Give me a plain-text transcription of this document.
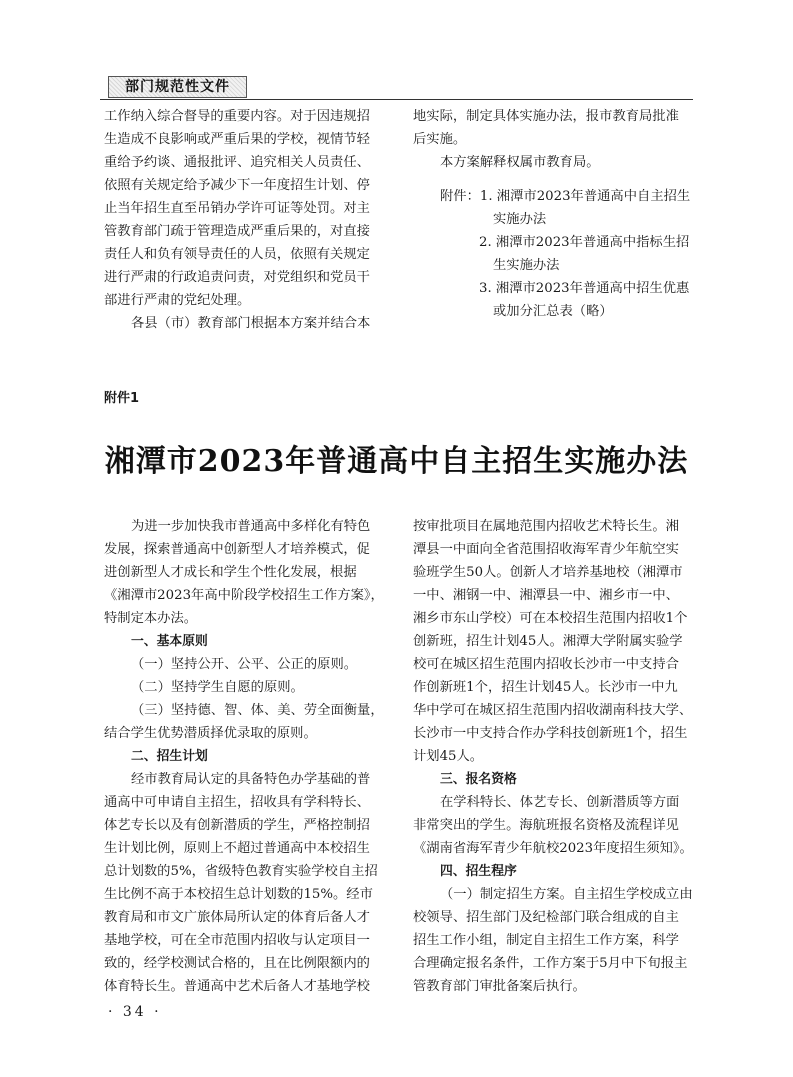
部门规范性文件

工作纳入综合督导的重要内容。对于因违规招

生造成不良影响或严重后果的学校，视情节轻

重给予约谈、通报批评、追究相关人员责任、

依照有关规定给予减少下一年度招生计划、停

止当年招生直至吊销办学许可证等处罚。对主

管教育部门疏于管理造成严重后果的，对直接

责任人和负有领导责任的人员，依照有关规定

进行严肃的行政追责问责，对党组织和党员干

部进行严肃的党纪处理。

各县（市）教育部门根据本方案并结合本

地实际，制定具体实施办法，报市教育局批准

后实施。

本方案解释权属市教育局。

附件：1. 湘潭市2023年普通高中自主招生

实施办法

2. 湘潭市2023年普通高中指标生招

生实施办法

3. 湘潭市2023年普通高中招生优惠

或加分汇总表（略）

附件1
湘潭市2023年普通高中自主招生实施办法

为进一步加快我市普通高中多样化有特色

发展，探索普通高中创新型人才培养模式，促

进创新型人才成长和学生个性化发展，根据

《湘潭市2023年高中阶段学校招生工作方案》，

特制定本办法。

一、基本原则

（一）坚持公开、公平、公正的原则。

（二）坚持学生自愿的原则。

（三）坚持德、智、体、美、劳全面衡量，

结合学生优势潜质择优录取的原则。

二、招生计划

经市教育局认定的具备特色办学基础的普

通高中可申请自主招生，招收具有学科特长、

体艺专长以及有创新潜质的学生，严格控制招

生计划比例，原则上不超过普通高中本校招生

总计划数的5%，省级特色教育实验学校自主招

生比例不高于本校招生总计划数的15%。经市

教育局和市文广旅体局所认定的体育后备人才

基地学校，可在全市范围内招收与认定项目一

致的，经学校测试合格的，且在比例限额内的

体育特长生。普通高中艺术后备人才基地学校

按审批项目在属地范围内招收艺术特长生。湘

潭县一中面向全省范围招收海军青少年航空实

验班学生50人。创新人才培养基地校（湘潭市

一中、湘钢一中、湘潭县一中、湘乡市一中、

湘乡市东山学校）可在本校招生范围内招收1个

创新班，招生计划45人。湘潭大学附属实验学

校可在城区招生范围内招收长沙市一中支持合

作创新班1个，招生计划45人。长沙市一中九

华中学可在城区招生范围内招收湖南科技大学、

长沙市一中支持合作办学科技创新班1个，招生

计划45人。

三、报名资格

在学科特长、体艺专长、创新潜质等方面

非常突出的学生。海航班报名资格及流程详见

《湖南省海军青少年航校2023年度招生须知》。

四、招生程序

（一）制定招生方案。自主招生学校成立由

校领导、招生部门及纪检部门联合组成的自主

招生工作小组，制定自主招生工作方案，科学

合理确定报名条件，工作方案于5月中下旬报主

管教育部门审批备案后执行。

· 34 ·
